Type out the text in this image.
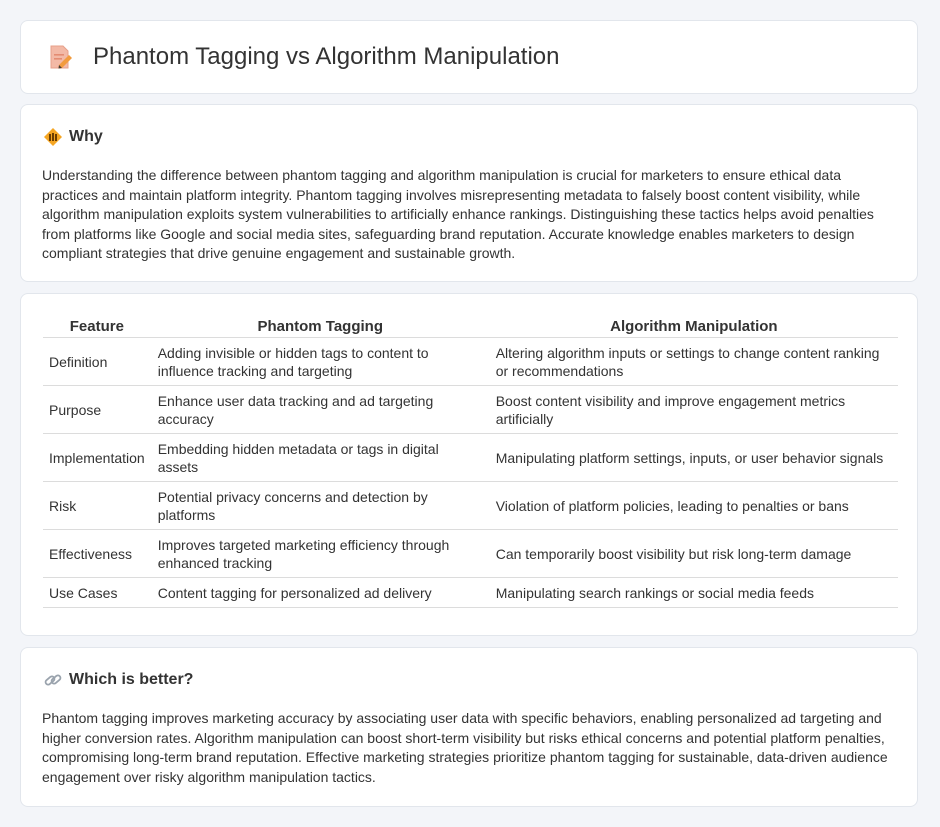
Phantom Tagging vs Algorithm Manipulation
Why

Understanding the difference between phantom tagging and algorithm manipulation is crucial for marketers to ensure ethical data practices and maintain platform integrity. Phantom tagging involves misrepresenting metadata to falsely boost content visibility, while algorithm manipulation exploits system vulnerabilities to artificially enhance rankings. Distinguishing these tactics helps avoid penalties from platforms like Google and social media sites, safeguarding brand reputation. Accurate knowledge enables marketers to design compliant strategies that drive genuine engagement and sustainable growth.

Feature	Phantom Tagging	Algorithm Manipulation
Definition	Adding invisible or hidden tags to content to influence tracking and targeting	Altering algorithm inputs or settings to change content ranking or recommendations
Purpose	Enhance user data tracking and ad targeting accuracy	Boost content visibility and improve engagement metrics artificially
Implementation	Embedding hidden metadata or tags in digital assets	Manipulating platform settings, inputs, or user behavior signals
Risk	Potential privacy concerns and detection by platforms	Violation of platform policies, leading to penalties or bans
Effectiveness	Improves targeted marketing efficiency through enhanced tracking	Can temporarily boost visibility but risk long-term damage
Use Cases	Content tagging for personalized ad delivery	Manipulating search rankings or social media feeds
Which is better?

Phantom tagging improves marketing accuracy by associating user data with specific behaviors, enabling personalized ad targeting and higher conversion rates. Algorithm manipulation can boost short-term visibility but risks ethical concerns and potential platform penalties, compromising long-term brand reputation. Effective marketing strategies prioritize phantom tagging for sustainable, data-driven audience engagement over risky algorithm manipulation tactics.
